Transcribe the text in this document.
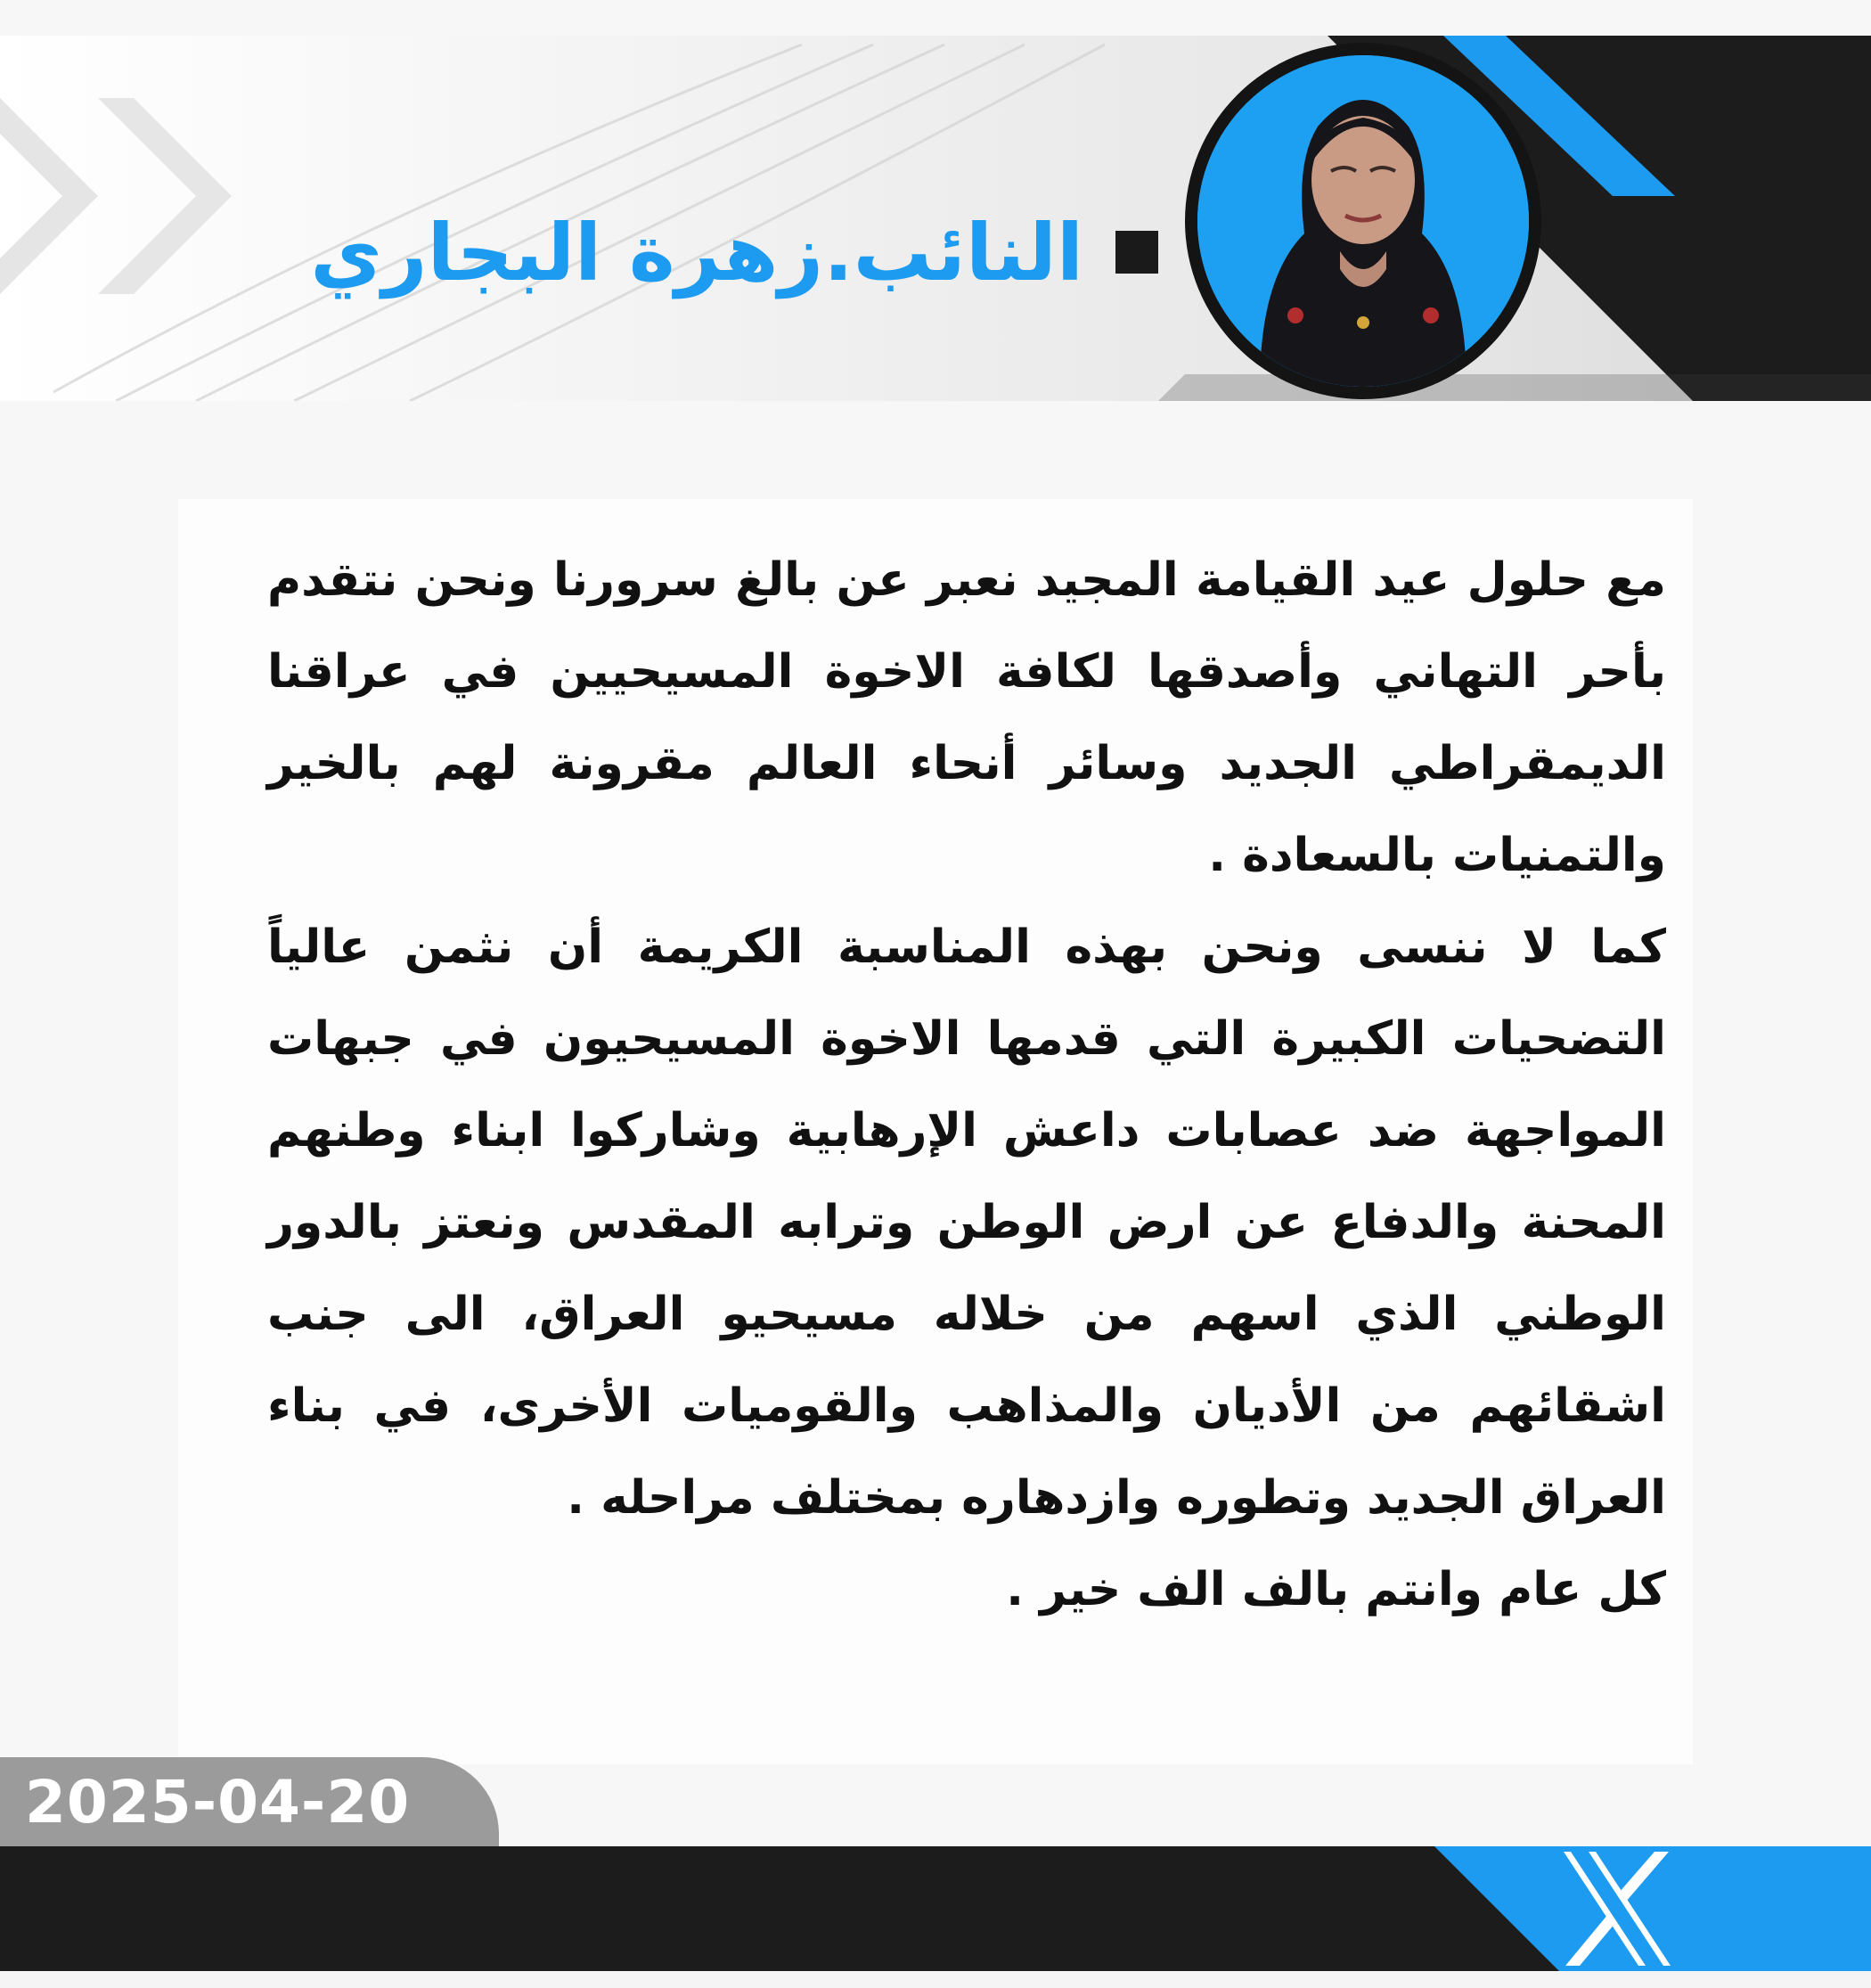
النائب.زهرة البجاري

مع حلول عيد القيامة المجيد نعبر عن بالغ سرورنا ونحن نتقدم بأحر التهاني وأصدقها لكافة الاخوة المسيحيين في عراقنا الديمقراطي الجديد وسائر أنحاء العالم مقرونة لهم بالخير والتمنيات بالسعادة .

كما لا ننسى ونحن بهذه المناسبة الكريمة أن نثمن عالياً التضحيات الكبيرة التي قدمها الاخوة المسيحيون في جبهات المواجهة ضد عصابات داعش الإرهابية وشاركوا ابناء وطنهم المحنة والدفاع عن ارض الوطن وترابه المقدس ونعتز بالدور الوطني الذي اسهم من خلاله مسيحيو العراق، الى جنب اشقائهم من الأديان والمذاهب والقوميات الأخرى، في بناء العراق الجديد وتطوره وازدهاره بمختلف مراحله .

كل عام وانتم بالف الف خير .

2025-04-20
